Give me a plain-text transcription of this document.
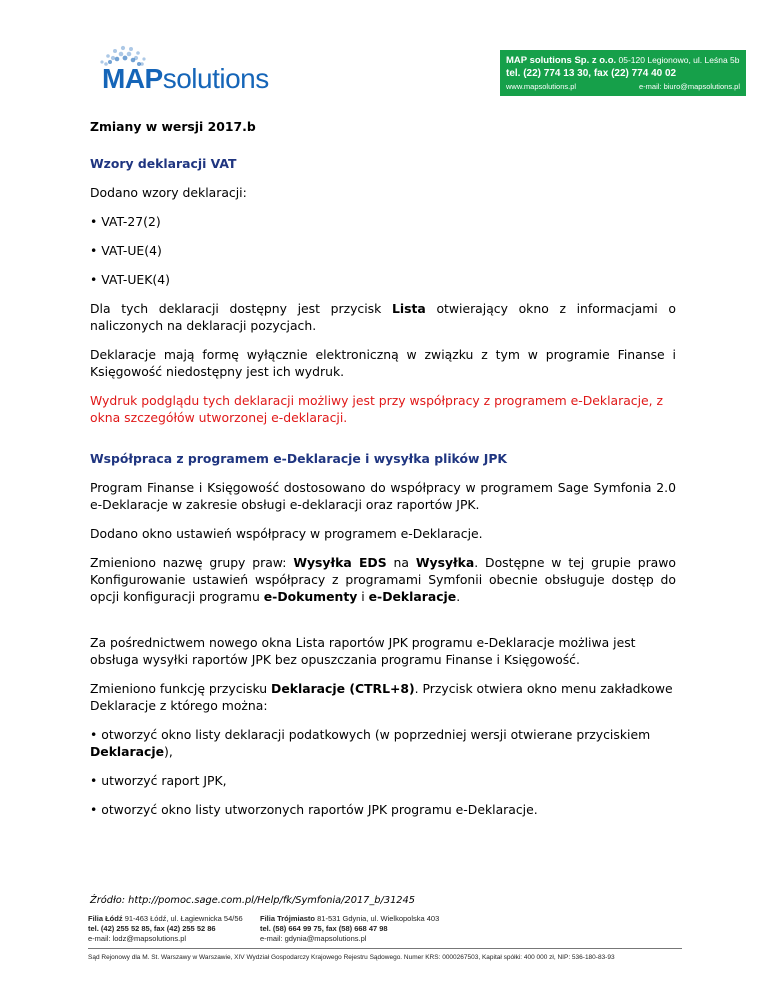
MAPsolutions
MAP solutions Sp. z o.o. 05-120 Legionowo, ul. Leśna 5b
tel. (22) 774 13 30, fax (22) 774 40 02
www.mapsolutions.pl	e-mail: biuro@mapsolutions.pl

Zmiany w wersji 2017.b

Wzory deklaracji VAT

Dodano wzory deklaracji:

• VAT-27(2)

• VAT-UE(4)

• VAT-UEK(4)

Dla tych deklaracji dostępny jest przycisk Lista otwierający okno z informacjami o naliczonych na deklaracji pozycjach.

Deklaracje mają formę wyłącznie elektroniczną w związku z tym w programie Finanse i Księgowość niedostępny jest ich wydruk.

Wydruk podglądu tych deklaracji możliwy jest przy współpracy z programem e-Deklaracje, z okna szczegółów utworzonej e-deklaracji.

Współpraca z programem e-Deklaracje i wysyłka plików JPK

Program Finanse i Księgowość dostosowano do współpracy w programem Sage Symfonia 2.0 e-Deklaracje w zakresie obsługi e-deklaracji oraz raportów JPK.

Dodano okno ustawień współpracy w programem e-Deklaracje.

Zmieniono nazwę grupy praw: Wysyłka EDS na Wysyłka. Dostępne w tej grupie prawo Konfigurowanie ustawień współpracy z programami Symfonii obecnie obsługuje dostęp do opcji konfiguracji programu e-Dokumenty i e-Deklaracje.

Za pośrednictwem nowego okna Lista raportów JPK programu e-Deklaracje możliwa jest obsługa wysyłki raportów JPK bez opuszczania programu Finanse i Księgowość.

Zmieniono funkcję przycisku Deklaracje (CTRL+8). Przycisk otwiera okno menu zakładkowe Deklaracje z którego można:

• otworzyć okno listy deklaracji podatkowych (w poprzedniej wersji otwierane przyciskiem Deklaracje),

• utworzyć raport JPK,

• otworzyć okno listy utworzonych raportów JPK programu e-Deklaracje.

Źródło: http://pomoc.sage.com.pl/Help/fk/Symfonia/2017_b/31245

Filia Łódź 91-463 Łódź, ul. Łagiewnicka 54/56
tel. (42) 255 52 85, fax (42) 255 52 86
e-mail: lodz@mapsolutions.pl
Filia Trójmiasto 81-531 Gdynia, ul. Wielkopolska 403
tel. (58) 664 99 75, fax (58) 668 47 98
e-mail: gdynia@mapsolutions.pl
Sąd Rejonowy dla M. St. Warszawy w Warszawie, XIV Wydział Gospodarczy Krajowego Rejestru Sądowego. Numer KRS: 0000267503, Kapitał spółki: 400 000 zł, NIP: 536-180-83-93
